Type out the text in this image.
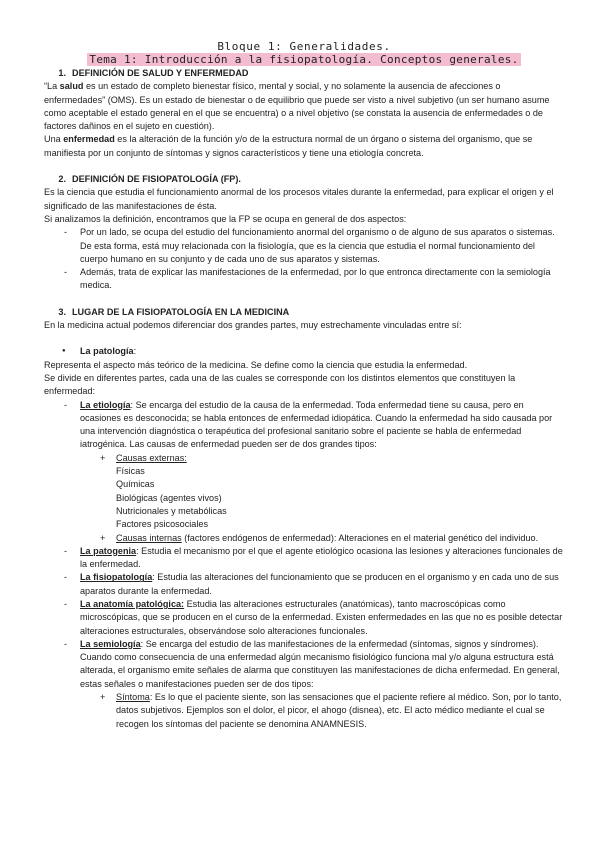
Bloque 1: Generalidades.
Tema 1: Introducción a la fisiopatología. Conceptos generales.

1. DEFINICIÓN DE SALUD Y ENFERMEDAD

“La salud es un estado de completo bienestar físico, mental y social, y no solamente la ausencia de afecciones o enfermedades” (OMS). Es un estado de bienestar o de equilibrio que puede ser visto a nivel subjetivo (un ser humano asume como aceptable el estado general en el que se encuentra) o a nivel objetivo (se constata la ausencia de enfermedades o de factores dañinos en el sujeto en cuestión).

Una enfermedad es la alteración de la función y/o de la estructura normal de un órgano o sistema del organismo, que se manifiesta por un conjunto de síntomas y signos característicos y tiene una etiología concreta.

2. DEFINICIÓN DE FISIOPATOLOGÍA (FP).

Es la ciencia que estudia el funcionamiento anormal de los procesos vitales durante la enfermedad, para explicar el origen y el significado de las manifestaciones de ésta.

Si analizamos la definición, encontramos que la FP se ocupa en general de dos aspectos:

- Por un lado, se ocupa del estudio del funcionamiento anormal del organismo o de alguno de sus aparatos o sistemas. De esta forma, está muy relacionada con la fisiología, que es la ciencia que estudia el normal funcionamiento del cuerpo humano en su conjunto y de cada uno de sus aparatos y sistemas.
- Además, trata de explicar las manifestaciones de la enfermedad, por lo que entronca directamente con la semiología medica.

3. LUGAR DE LA FISIOPATOLOGÍA EN LA MEDICINA

En la medicina actual podemos diferenciar dos grandes partes, muy estrechamente vinculadas entre sí:

● La patología:

Representa el aspecto más teórico de la medicina. Se define como la ciencia que estudia la enfermedad.

Se divide en diferentes partes, cada una de las cuales se corresponde con los distintos elementos que constituyen la enfermedad:

- La etiología: Se encarga del estudio de la causa de la enfermedad. Toda enfermedad tiene su causa, pero en ocasiones es desconocida; se habla entonces de enfermedad idiopática. Cuando la enfermedad ha sido causada por una intervención diagnóstica o terapéutica del profesional sanitario sobre el paciente se habla de enfermedad iatrogénica. Las causas de enfermedad pueden ser de dos grandes tipos:
+ Causas externas:
Físicas
Químicas
Biológicas (agentes vivos)
Nutricionales y metabólicas
Factores psicosociales
+ Causas internas (factores endógenos de enfermedad): Alteraciones en el material genético del individuo.
- La patogenia: Estudia el mecanismo por el que el agente etiológico ocasiona las lesiones y alteraciones funcionales de la enfermedad.
- La fisiopatología: Estudia las alteraciones del funcionamiento que se producen en el organismo y en cada uno de sus aparatos durante la enfermedad.
- La anatomía patológica: Estudia las alteraciones estructurales (anatómicas), tanto macroscópicas como microscópicas, que se producen en el curso de la enfermedad. Existen enfermedades en las que no es posible detectar alteraciones estructurales, observándose solo alteraciones funcionales.
- La semiología: Se encarga del estudio de las manifestaciones de la enfermedad (síntomas, signos y síndromes). Cuando como consecuencia de una enfermedad algún mecanismo fisiológico funciona mal y/o alguna estructura está alterada, el organismo emite señales de alarma que constituyen las manifestaciones de dicha enfermedad. En general, estas señales o manifestaciones pueden ser de dos tipos:
+ Síntoma: Es lo que el paciente siente, son las sensaciones que el paciente refiere al médico. Son, por lo tanto, datos subjetivos. Ejemplos son el dolor, el picor, el ahogo (disnea), etc. El acto médico mediante el cual se recogen los síntomas del paciente se denomina ANAMNESIS.
